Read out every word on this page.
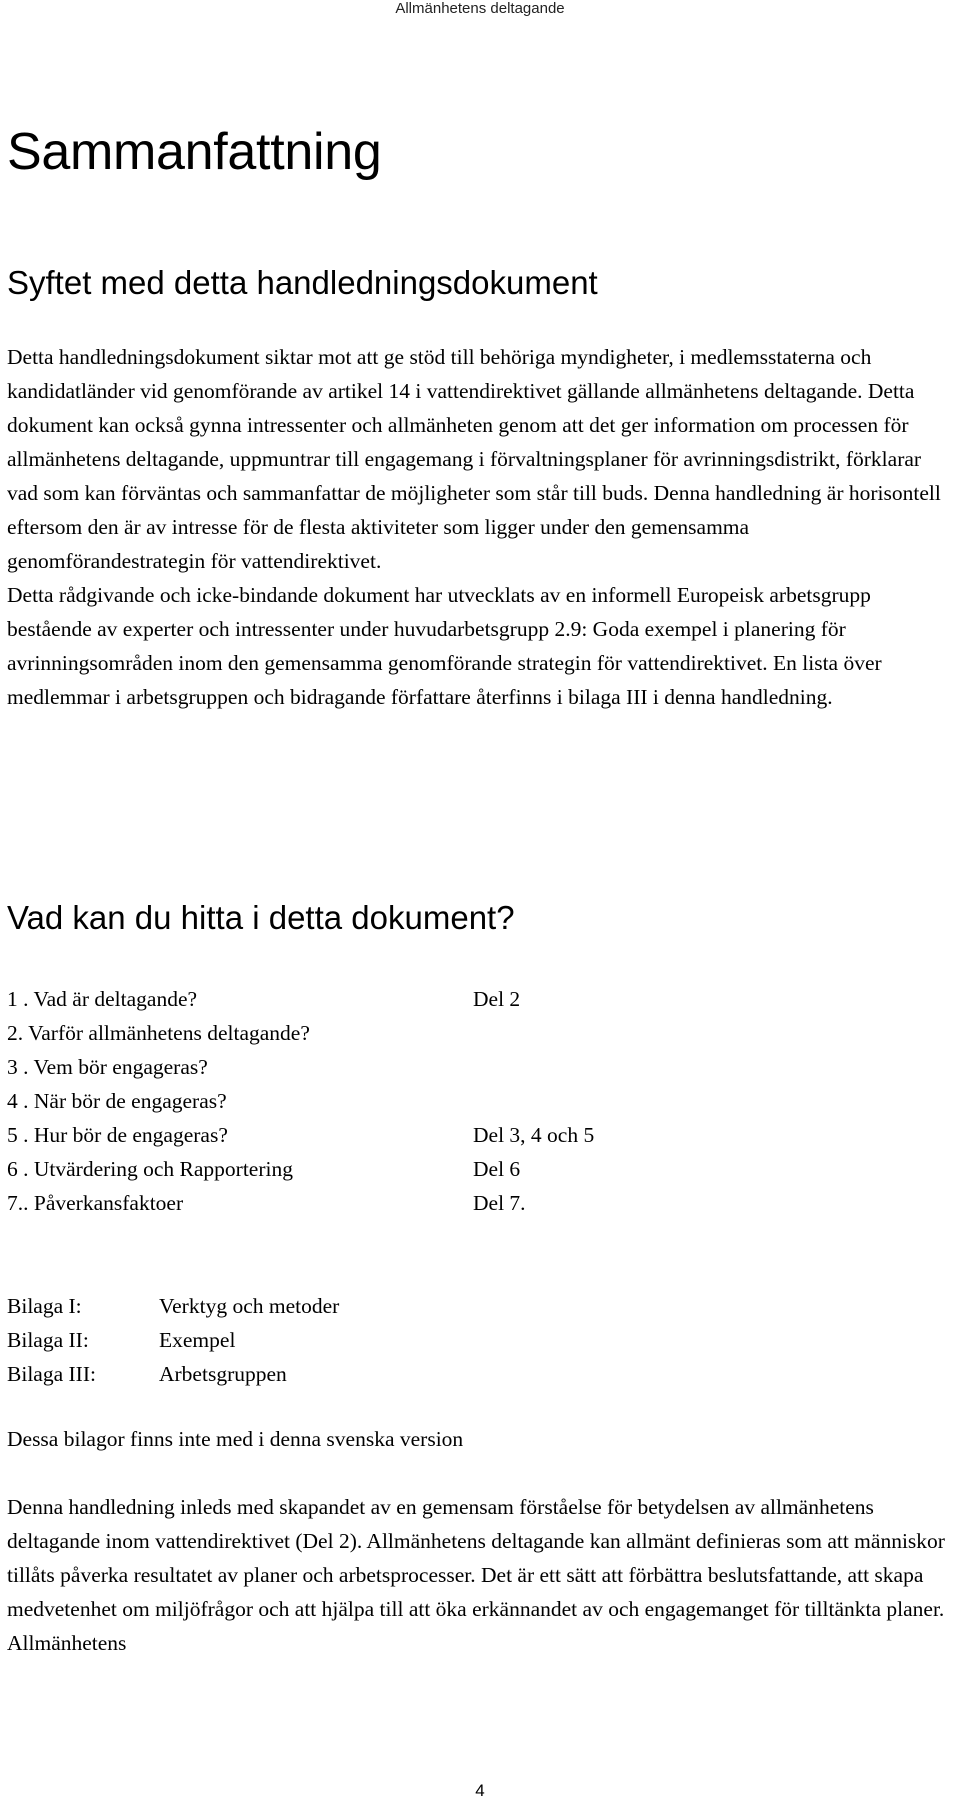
Allmänhetens deltagande
Sammanfattning
Syftet med detta handledningsdokument

Detta handledningsdokument siktar mot att ge stöd till behöriga myndigheter, i medlemsstaterna och kandidatländer vid genomförande av artikel 14 i vattendirektivet gällande allmänhetens deltagande. Detta dokument kan också gynna intressenter och allmänheten genom att det ger information om processen för allmänhetens deltagande, uppmuntrar till engagemang i förvaltningsplaner för avrinningsdistrikt, förklarar vad som kan förväntas och sammanfattar de möjligheter som står till buds. Denna handledning är horisontell eftersom den är av intresse för de flesta aktiviteter som ligger under den gemensamma genomförandestrategin för vattendirektivet.

Detta rådgivande och icke-bindande dokument har utvecklats av en informell Europeisk arbetsgrupp bestående av experter och intressenter under huvudarbetsgrupp 2.9: Goda exempel i planering för avrinningsområden inom den gemensamma genomförande strategin för vattendirektivet. En lista över medlemmar i arbetsgruppen och bidragande författare återfinns i bilaga III i denna handledning.

Vad kan du hitta i detta dokument?
1 . Vad är deltagande?	Del 2
2. Varför allmänhetens deltagande?
3 . Vem bör engageras?
4 . När bör de engageras?
5 . Hur bör de engageras?	Del 3, 4 och 5
6 . Utvärdering och Rapportering	Del 6
7.. Påverkansfaktoer	Del 7.
Bilaga I:	Verktyg och metoder
Bilaga II:	Exempel
Bilaga III:	Arbetsgruppen
Dessa bilagor finns inte med i denna svenska version
Denna handledning inleds med skapandet av en gemensam förståelse för betydelsen av allmänhetens deltagande inom vattendirektivet (Del 2). Allmänhetens deltagande kan allmänt definieras som att människor tillåts påverka resultatet av planer och arbetsprocesser. Det är ett sätt att förbättra beslutsfattande, att skapa medvetenhet om miljöfrågor och att hjälpa till att öka erkännandet av och engagemanget för tilltänkta planer. Allmänhetens
4
